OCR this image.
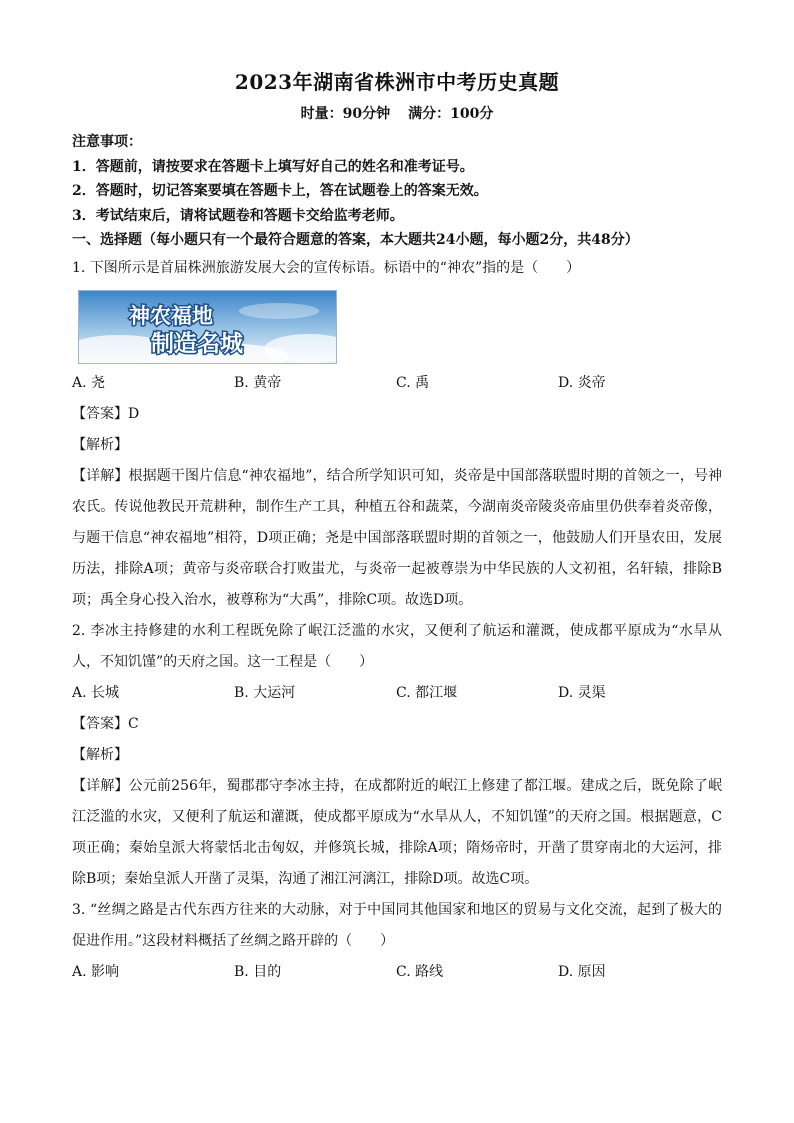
2023年湖南省株洲市中考历史真题
时量：90分钟 满分：100分

注意事项：

1．答题前，请按要求在答题卡上填写好自己的姓名和准考证号。

2．答题时，切记答案要填在答题卡上，答在试题卷上的答案无效。

3．考试结束后，请将试题卷和答题卡交给监考老师。

一、选择题（每小题只有一个最符合题意的答案，本大题共24小题，每小题2分，共48分）

1. 下图所示是首届株洲旅游发展大会的宣传标语。标语中的“神农”指的是（　　）

神农福地
制造名城
A. 尧	B. 黄帝	C. 禹	D. 炎帝

【答案】D

【解析】

【详解】根据题干图片信息“神农福地”，结合所学知识可知，炎帝是中国部落联盟时期的首领之一，号神农氏。传说他教民开荒耕种，制作生产工具，种植五谷和蔬菜，今湖南炎帝陵炎帝庙里仍供奉着炎帝像，与题干信息“神农福地”相符，D项正确；尧是中国部落联盟时期的首领之一，他鼓励人们开垦农田，发展历法，排除A项；黄帝与炎帝联合打败蚩尤，与炎帝一起被尊崇为中华民族的人文初祖，名轩辕，排除B项；禹全身心投入治水，被尊称为“大禹”，排除C项。故选D项。

2. 李冰主持修建的水利工程既免除了岷江泛滥的水灾，又便利了航运和灌溉，使成都平原成为“水旱从人，不知饥馑”的天府之国。这一工程是（　　）

A. 长城	B. 大运河	C. 都江堰	D. 灵渠

【答案】C

【解析】

【详解】公元前256年，蜀郡郡守李冰主持，在成都附近的岷江上修建了都江堰。建成之后，既免除了岷江泛滥的水灾，又便利了航运和灌溉，使成都平原成为“水旱从人，不知饥馑”的天府之国。根据题意，C项正确；秦始皇派大将蒙恬北击匈奴，并修筑长城，排除A项；隋炀帝时，开凿了贯穿南北的大运河，排除B项；秦始皇派人开凿了灵渠，沟通了湘江河漓江，排除D项。故选C项。

3. “丝绸之路是古代东西方往来的大动脉，对于中国同其他国家和地区的贸易与文化交流，起到了极大的促进作用。”这段材料概括了丝绸之路开辟的（　　）

A. 影响	B. 目的	C. 路线	D. 原因
